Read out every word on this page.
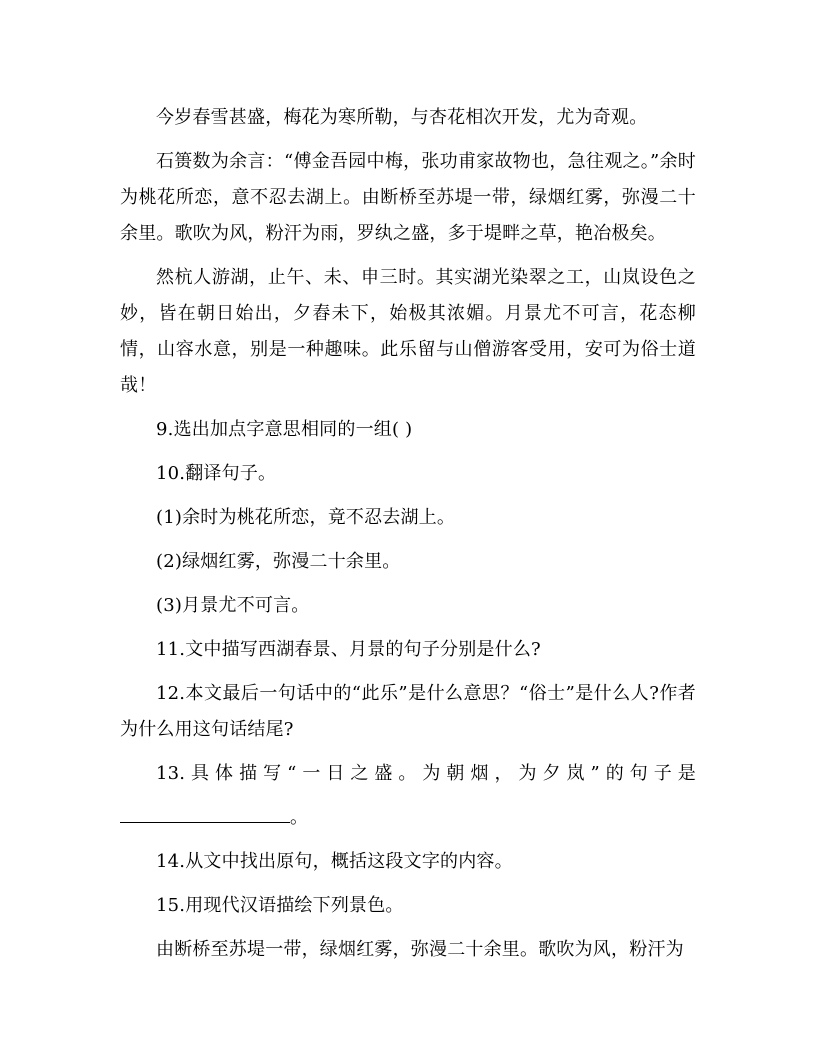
今岁春雪甚盛，梅花为寒所勒，与杏花相次开发，尤为奇观。

石篑数为余言：“傅金吾园中梅，张功甫家故物也，急往观之。”余时为桃花所恋，意不忍去湖上。由断桥至苏堤一带，绿烟红雾，弥漫二十余里。歌吹为风，粉汗为雨，罗纨之盛，多于堤畔之草，艳冶极矣。

然杭人游湖，止午、未、申三时。其实湖光染翠之工，山岚设色之妙，皆在朝日始出，夕舂未下，始极其浓媚。月景尤不可言，花态柳情，山容水意，别是一种趣味。此乐留与山僧游客受用，安可为俗士道哉！

9.选出加点字意思相同的一组( )

10.翻译句子。

(1)余时为桃花所恋，竟不忍去湖上。

(2)绿烟红雾，弥漫二十余里。

(3)月景尤不可言。

11.文中描写西湖春景、月景的句子分别是什么?

12.本文最后一句话中的“此乐”是什么意思？“俗士”是什么人?作者为什么用这句话结尾?

13.具体描写“一日之盛。为朝烟，为夕岚”的句子是

。

14.从文中找出原句，概括这段文字的内容。

15.用现代汉语描绘下列景色。

由断桥至苏堤一带，绿烟红雾，弥漫二十余里。歌吹为风，粉汗为
